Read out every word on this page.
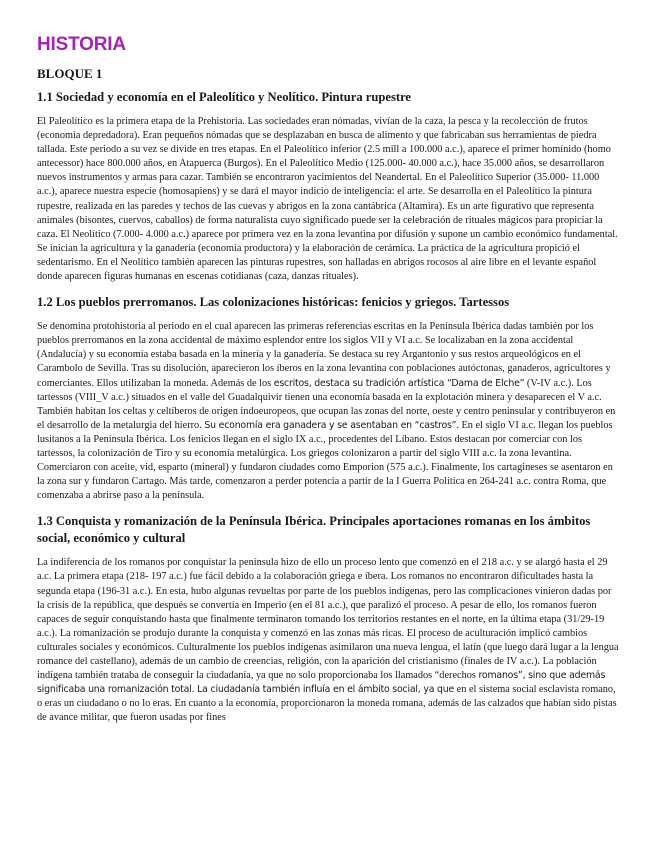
HISTORIA
BLOQUE 1
1.1 Sociedad y economía en el Paleolítico y Neolítico. Pintura rupestre

El Paleolítico es la primera etapa de la Prehistoria. Las sociedades eran nómadas, vivían de la caza, la pesca y la recolección de frutos (economía depredadora). Eran pequeños nómadas que se desplazaban en busca de alimento y que fabricaban sus herramientas de piedra tallada. Este periodo a su vez se divide en tres etapas. En el Paleolítico inferior (2.5 mill a 100.000 a.c.), aparece el primer homínido (homo antecessor) hace 800.000 años, en Atapuerca (Burgos). En el Paleolítico Medio (125.000- 40.000 a.c.), hace 35.000 años, se desarrollaron nuevos instrumentos y armas para cazar. También se encontraron yacimientos del Neandertal. En el Paleolítico Superior (35.000- 11.000 a.c.), aparece nuestra especie (homosapiens) y se dará el mayor indicio de inteligencia: el arte. Se desarrolla en el Paleolítico la pintura rupestre, realizada en las paredes y techos de las cuevas y abrigos en la zona cantábrica (Altamira). Es un arte figurativo que representa animales (bisontes, cuervos, caballos) de forma naturalista cuyo significado puede ser la celebración de rituales mágicos para propiciar la caza. El Neolítico (7.000- 4.000 a.c.) aparece por primera vez en la zona levantina por difusión y supone un cambio económico fundamental. Se inician la agricultura y la ganadería (economía productora) y la elaboración de cerámica. La práctica de la agricultura propició el sedentarismo. En el Neolítico también aparecen las pinturas rupestres, son halladas en abrigos rocosos al aire libre en el levante español donde aparecen figuras humanas en escenas cotidianas (caza, danzas rituales).

1.2 Los pueblos prerromanos. Las colonizaciones históricas: fenicios y griegos. Tartessos

Se denomina protohistoria al periodo en el cual aparecen las primeras referencias escritas en la Península Ibérica dadas también por los pueblos prerromanos en la zona accidental de máximo esplendor entre los siglos VII y VI a.c. Se localizaban en la zona accidental (Andalucía) y su economía estaba basada en la minería y la ganadería. Se destaca su rey Argantonio y sus restos arqueológicos en el Carambolo de Sevilla. Tras su disolución, aparecieron los íberos en la zona levantina con poblaciones autóctonas, ganaderos, agricultores y comerciantes. Ellos utilizaban la moneda. Además de los escritos, destaca su tradición artística “Dama de Elche” (V-IV a.c.). Los tartessos (VIII_V a.c.) situados en el valle del Guadalquivir tienen una economía basada en la explotación minera y desaparecen el V a.c. También habitan los celtas y celtíberos de origen indoeuropeos, que ocupan las zonas del norte, oeste y centro peninsular y contribuyeron en el desarrollo de la metalurgia del hierro. Su economía era ganadera y se asentaban en “castros”. En el siglo VI a.c. llegan los pueblos lusitanos a la Península Ibérica. Los fenicios llegan en el siglo IX a.c., procedentes del Líbano. Estos destacan por comerciar con los tartessos, la colonización de Tiro y su economía metalúrgica. Los griegos colonizaron a partir del siglo VIII a.c. la zona levantina. Comerciaron con aceite, vid, esparto (mineral) y fundaron ciudades como Emporion (575 a.c.). Finalmente, los cartagineses se asentaron en la zona sur y fundaron Cartago. Más tarde, comenzaron a perder potencia a partir de la I Guerra Política en 264-241 a.c. contra Roma, que comenzaba a abrirse paso a la península.

1.3 Conquista y romanización de la Península Ibérica. Principales aportaciones romanas en los ámbitos social, económico y cultural

La indiferencia de los romanos por conquistar la península hizo de ello un proceso lento que comenzó en el 218 a.c. y se alargó hasta el 29 a.c. La primera etapa (218- 197 a.c.) fue fácil debido a la colaboración griega e íbera. Los romanos no encontraron dificultades hasta la segunda etapa (196-31 a.c.). En esta, hubo algunas revueltas por parte de los pueblos indígenas, pero las complicaciones vinieron dadas por la crisis de la república, que después se convertía en Imperio (en el 81 a.c.), que paralizó el proceso. A pesar de ello, los romanos fueron capaces de seguir conquistando hasta que finalmente terminaron tomando los territorios restantes en el norte, en la última etapa (31/29-19 a.c.). La romanización se produjo durante la conquista y comenzó en las zonas más ricas. El proceso de aculturación implicó cambios culturales sociales y económicos. Culturalmente los pueblos indígenas asimilaron una nueva lengua, el latín (que luego dará lugar a la lengua romance del castellano), además de un cambio de creencias, religión, con la aparición del cristianismo (finales de IV a.c.). La población indígena también trataba de conseguir la ciudadanía, ya que no solo proporcionaba los llamados “derechos romanos”, sino que además significaba una romanización total. La ciudadanía también influía en el ámbito social, ya que en el sistema social esclavista romano, o eras un ciudadano o no lo eras. En cuanto a la economía, proporcionaron la moneda romana, además de las calzados que habían sido pistas de avance militar, que fueron usadas por fines
